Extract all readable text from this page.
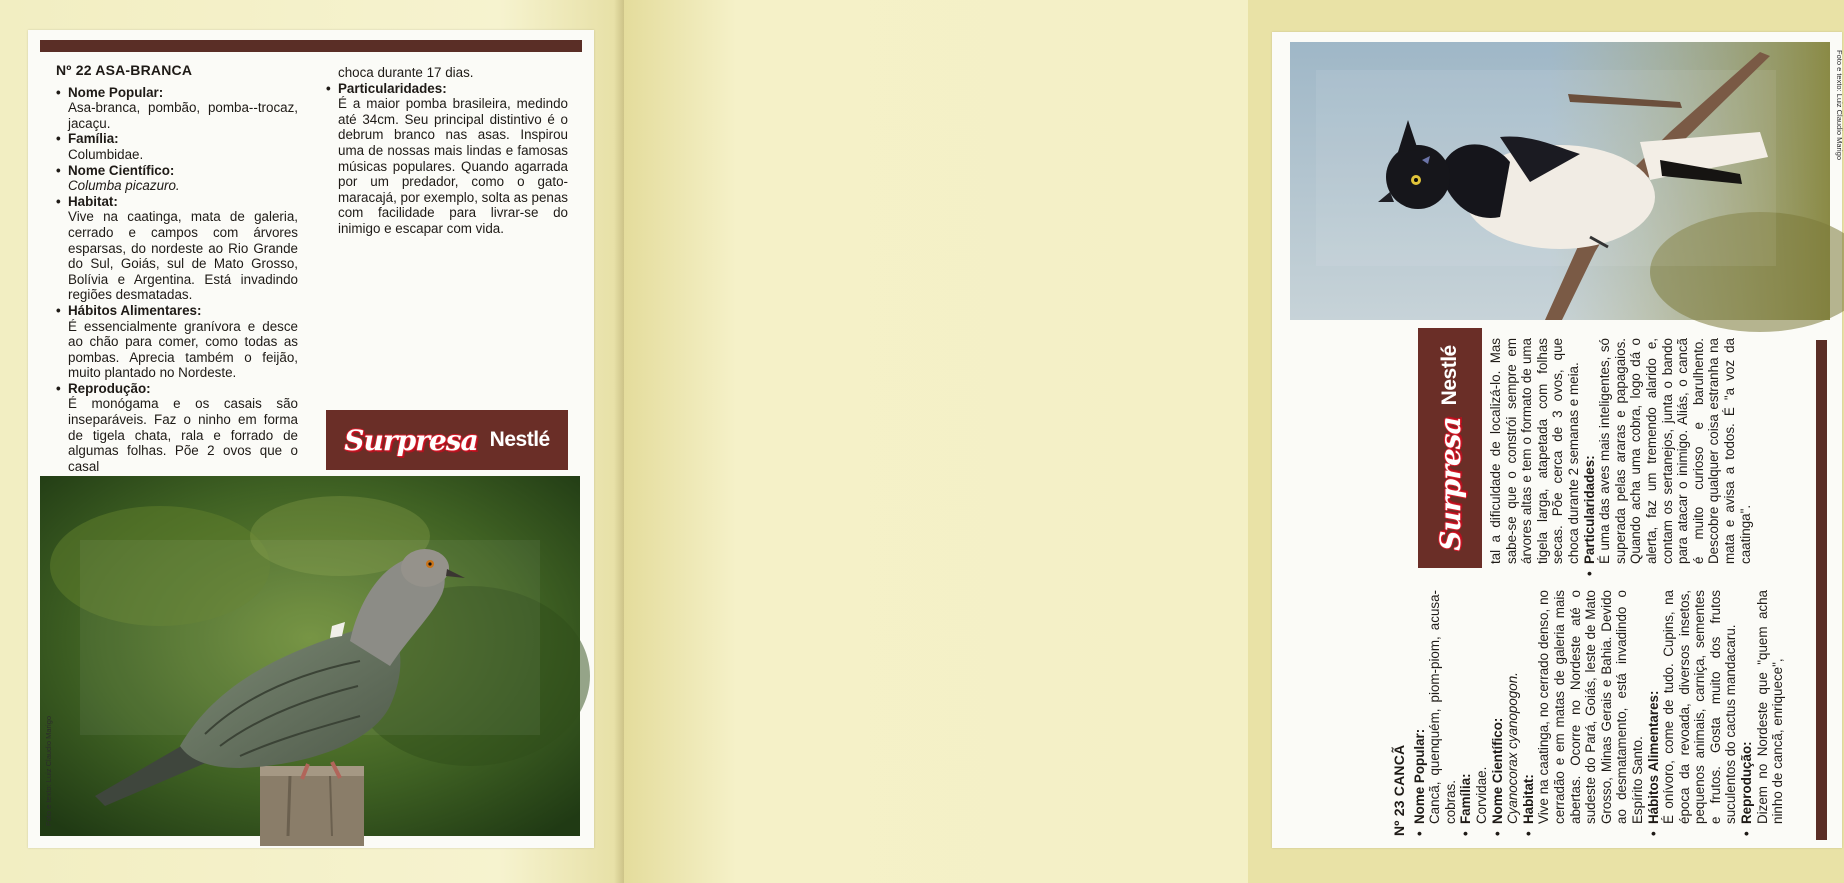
Nº 22 ASA-BRANCA
• Nome Popular:
Asa-branca, pombão, pomba--trocaz, jacaçu.
• Família:
Columbidae.
• Nome Científico:
Columba picazuro.
• Habitat:
Vive na caatinga, mata de galeria, cerrado e campos com árvores esparsas, do nordeste ao Rio Grande do Sul, Goiás, sul de Mato Grosso, Bolívia e Argentina. Está invadindo regiões desmatadas.
• Hábitos Alimentares:
É essencialmente granívora e desce ao chão para comer, como todas as pombas. Aprecia também o feijão, muito plantado no Nordeste.
• Reprodução:
É monógama e os casais são inseparáveis. Faz o ninho em forma de tigela chata, rala e forrado de algumas folhas. Põe 2 ovos que o casal
choca durante 17 dias.
• Particularidades:
É a maior pomba brasileira, medindo até 34cm. Seu principal distintivo é o debrum branco nas asas. Inspirou uma de nossas mais lindas e famosas músicas populares. Quando agarrada por um predador, como o gato-maracajá, por exemplo, solta as penas com facilidade para livrar-se do inimigo e escapar com vida.
Surpresa Nestlé
Foto e texto: Luiz Claudio Marigo
Foto e texto: Luiz Claudio Marigo
Nº 23 CANCÃ •
Nome Popular: Cancã, quenquém, piom-piom, acusa-cobras.
•
Família: Corvidae.
•
Nome Científico: Cyanocorax cyanopogon.
•
Habitat: Vive na caatinga, no cerrado denso, no cerradão e em matas de galeria mais abertas. Ocorre no Nordeste até o sudeste do Pará, Goiás, leste de Mato Grosso, Minas Gerais e Bahia. Devido ao desmatamento, está invadindo o Espírito Santo.
•
Hábitos Alimentares: É onívoro, come de tudo. Cupins, na época da revoada, diversos insetos, pequenos animais, carniça, sementes e frutos. Gosta muito dos frutos suculentos do cactus mandacaru.
•
Reprodução: Dizem no Nordeste que "quem acha ninho de cancã, enriquece",
tal a dificuldade de localizá-lo. Mas sabe-se que o constrói sempre em árvores altas e tem o formato de uma tigela larga, atapetada com folhas secas. Põe cerca de 3 ovos, que choca durante 2 semanas e meia.
•
Particularidades: É uma das aves mais inteligentes, só superada pelas araras e papagaios. Quando acha uma cobra, logo dá o alerta, faz um tremendo alarido e, contam os sertanejos, junta o bando para atacar o inimigo. Aliás, o cancã é muito curioso e barulhento. Descobre qualquer coisa estranha na mata e avisa a todos. É "a voz da caatinga".
Surpresa
Nestlé
